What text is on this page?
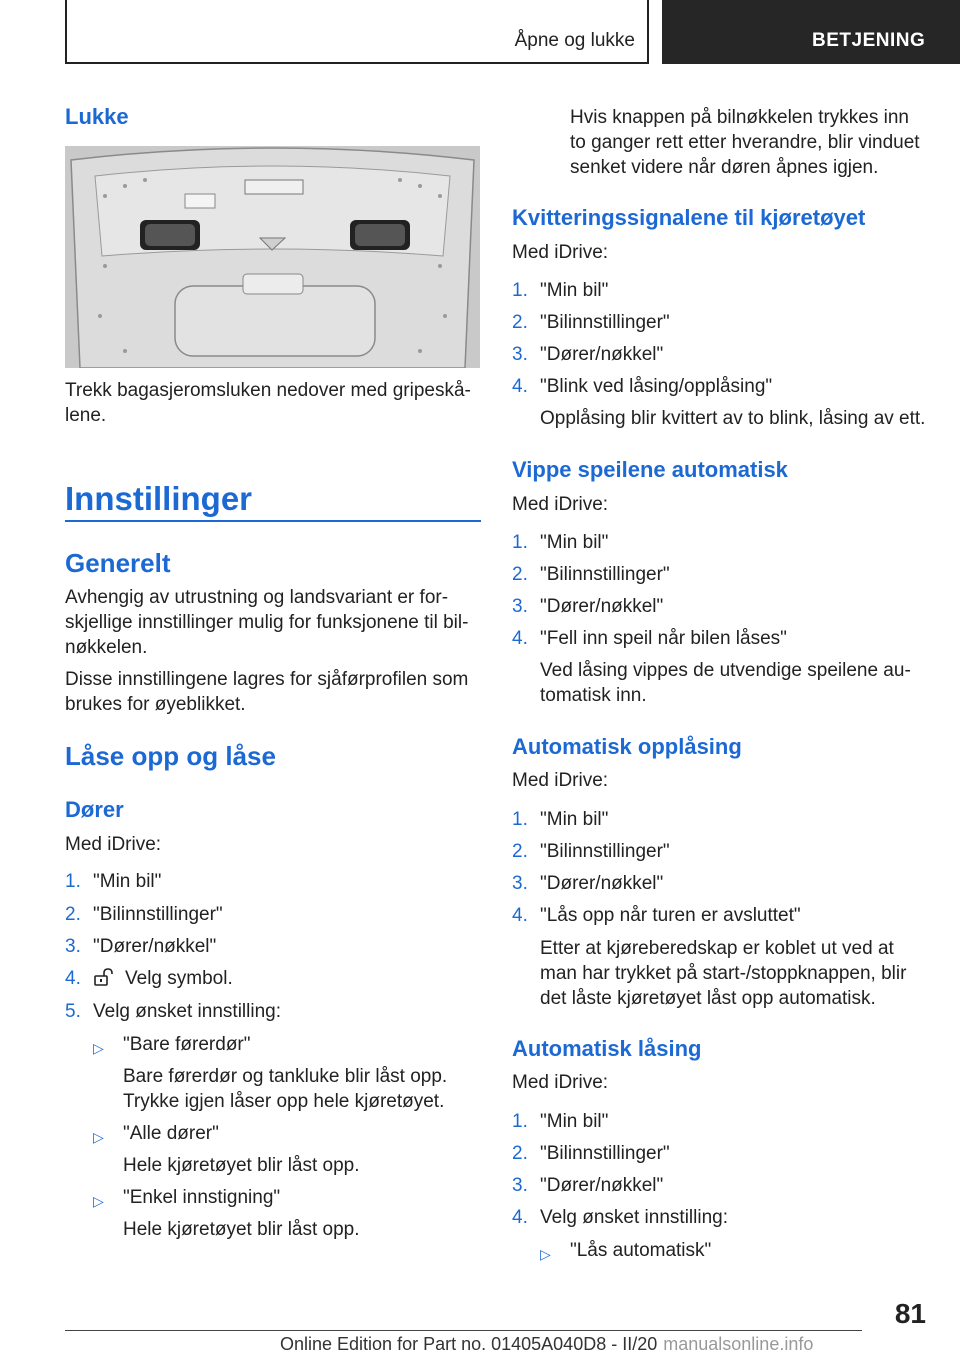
Åpne og lukke	BETJENING
Lukke
Trekk bagasjeromsluken nedover med gripeskå-
lene.
Innstillinger
Generelt
Avhengig av utrustning og landsvariant er for-
skjellige innstillinger mulig for funksjonene til bil-
nøkkelen.
Disse innstillingene lagres for sjåførprofilen som
brukes for øyeblikket.
Låse opp og låse
Dører
Med iDrive:
1. "Min bil"
2. "Bilinnstillinger"
3. "Dører/nøkkel"
4. Velg symbol.
5. Velg ønsket innstilling:
▷ "Bare førerdør"
Bare førerdør og tankluke blir låst opp.
Trykke igjen låser opp hele kjøretøyet.
▷ "Alle dører"
Hele kjøretøyet blir låst opp.
▷ "Enkel innstigning"
Hele kjøretøyet blir låst opp.
Hvis knappen på bilnøkkelen trykkes inn
to ganger rett etter hverandre, blir vinduet
senket videre når døren åpnes igjen.
Kvitteringssignalene til kjøretøyet
Med iDrive:
1. "Min bil"
2. "Bilinnstillinger"
3. "Dører/nøkkel"
4. "Blink ved låsing/opplåsing"
Opplåsing blir kvittert av to blink, låsing av ett.
Vippe speilene automatisk
Med iDrive:
1. "Min bil"
2. "Bilinnstillinger"
3. "Dører/nøkkel"
4. "Fell inn speil når bilen låses"
Ved låsing vippes de utvendige speilene au-
tomatisk inn.
Automatisk opplåsing
Med iDrive:
1. "Min bil"
2. "Bilinnstillinger"
3. "Dører/nøkkel"
4. "Lås opp når turen er avsluttet"
Etter at kjøreberedskap er koblet ut ved at
man har trykket på start-/stoppknappen, blir
det låste kjøretøyet låst opp automatisk.
Automatisk låsing
Med iDrive:
1. "Min bil"
2. "Bilinnstillinger"
3. "Dører/nøkkel"
4. Velg ønsket innstilling:
▷ "Lås automatisk"
81
Online Edition for Part no. 01405A040D8 - II/20 manualsonline.info
